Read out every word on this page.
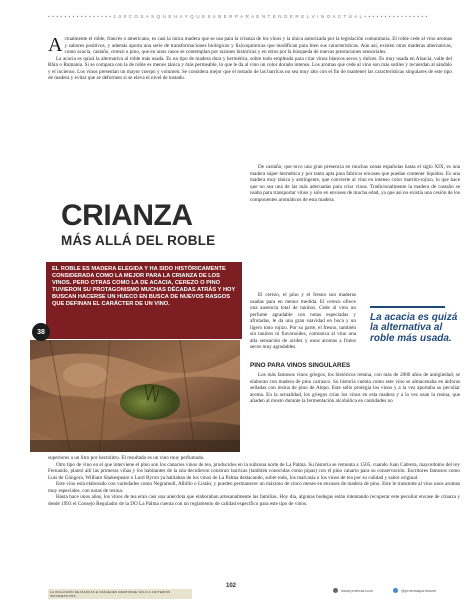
• • • • • • • • • • • • • • • • 1 0 0 C O S A S Q U E H A Y Q U E S A B E R P A R A E N T E N D E R E L V I N O A C T U A L • • • • • • • • • • • • • • • •
A ctualmente el roble, francés o americano, es casi la única madera que se usa para la crianza de los vinos y la única autorizada por la legislación comunitaria. El roble cede al vino aromas y sabores positivos, y además aporta una serie de transformaciones biológicas y fisicoquímicas que modifican para bien sus características. Aún así, existen otras maderas alternativas, como acacia, castaño, cerezo o pino, que en unos casos se contemplan por razones históricas y en otros por la búsqueda de nuevas prestaciones sensoriales.
La acacia es quizá la alternativa al roble más usada. Es un tipo de madera dura y hermética, sobre todo empleada para criar vinos blancos secos y dulces. Es muy usada en Alsacia, valle del Rhin o Rumanía. Si se compara con la de roble es menos tánica y más permeable, lo que le da al vino un color dorado intenso. Los aromas que cede al vino son más sutiles y recuerdan al sándalo y el incienso. Los vinos presentan un mayor cuerpo y volumen. Se considera mejor que el tostado de las barricas no sea muy alto con el fin de mantener las características singulares de este tipo de madera y evitar que se deformen si se eleva el nivel de tostado.
De castaño, que tuvo una gran presencia en muchas zonas españolas hasta el siglo XIX, es una madera súper hermética y por tanto apta para fabricar envases que puedan contener líquidos. Es una madera muy tánica y astringente, que convierte al vino en intenso color marrón-rojizo, lo que hace que no sea una de las más adecuadas para criar vinos. Tradicionalmente la madera de castaño se usaba para transportar vinos y sólo en envases de mucha edad, ya que así no existía una cesión de los componentes aromáticos de esta madera.
CRIANZA
MÁS ALLÁ DEL ROBLE
EL ROBLE ES MADERA ELEGIDA Y HA SIDO HISTÓRICAMENTE CONSIDERADA COMO LA MEJOR PARA LA CRIANZA DE LOS VINOS. PERO OTRAS COMO LA DE ACACIA, CEREZO O PINO TUVIERON SU PROTAGONISMO MUCHAS DÉCADAS ATRÁS Y HOY BUSCAN HACERSE UN HUECO EN BUSCA DE NUEVOS RASGOS QUE DEFINAN EL CARÁCTER DE UN VINO.
38
El cerezo, el pino y el fresno son maderas usadas para en menor medida. El cerezo ofrece una ausencia total de taninos. Cede al vino un perfume agradable con notas especiadas y afrutadas, le da una gran suavidad en boca y un ligero tono rojizo. Por su parte, el fresno, también sin taninos ni flavonoides, comunica al vino una alta sensación de acidez y unos aromas a frutos secos muy agradables.
La acacia es quizá la alternativa al roble más usada.
PINO PARA VINOS SINGULARES
Los más famosos vinos griegos, los históricos retsina, con más de 2000 años de antigüedad, se elaboran con madera de pino carrasco. Su historia cuenta como este vino se almacenaba en ánforas selladas con resina de pino de Alepo. Este sello protegía los vinos y a la vez aportaba su peculiar aroma. En la actualidad, los griegos crían los vinos en esta madera y a la vez usan la resina, que añaden al mosto durante la fermentación alcohólica en cantidades no
superiores a un litro por hectolitro. El resultado es un vino muy perfumado.
Otro tipo de vino en el que interviene el pino son los canarios vinos de tea, producidos en la subzona norte de La Palma. Su historia se remonta a 1505, cuando Juan Cabrera, mayordomo del rey Fernando, plantó allí las primeras viñas y los habitantes de la isla decidieron construir barricas (también conocidas como pipas) con el pino canario para su conservación. Escritores famosos como Luis de Góngora, William Shakespeare o Lord Byron ya hablaban de los vinos de La Palma destacando, sobre todo, los malvasía o los vinos de tea por su calidad y sabor original.
Este vino está elaborado con variedades como Negramoll, Albillo o Listán, y pueden permanecer un máximo de cinco meses en envases de madera de pino. Este le transmite al vino unos aromas muy especiales, con notas de resina.
Hasta hace unos años, los vinos de tea eran casi una anécdota que elaboraban artesanalmente las familias. Hoy día, algunas bodegas están intentando recuperar este peculiar envase de crianza y desde 1993 el Consejo Regulador de la DO La Palma cuenta con un reglamento de calidad específico para este tipo de vinos.
LA INCLUSIÓN DE MARCAS E IMÁGENES RESPONDE SÓLO A CRITERIOS INFORMATIVOS
102
www.proensa.com	@proensapuntocom
